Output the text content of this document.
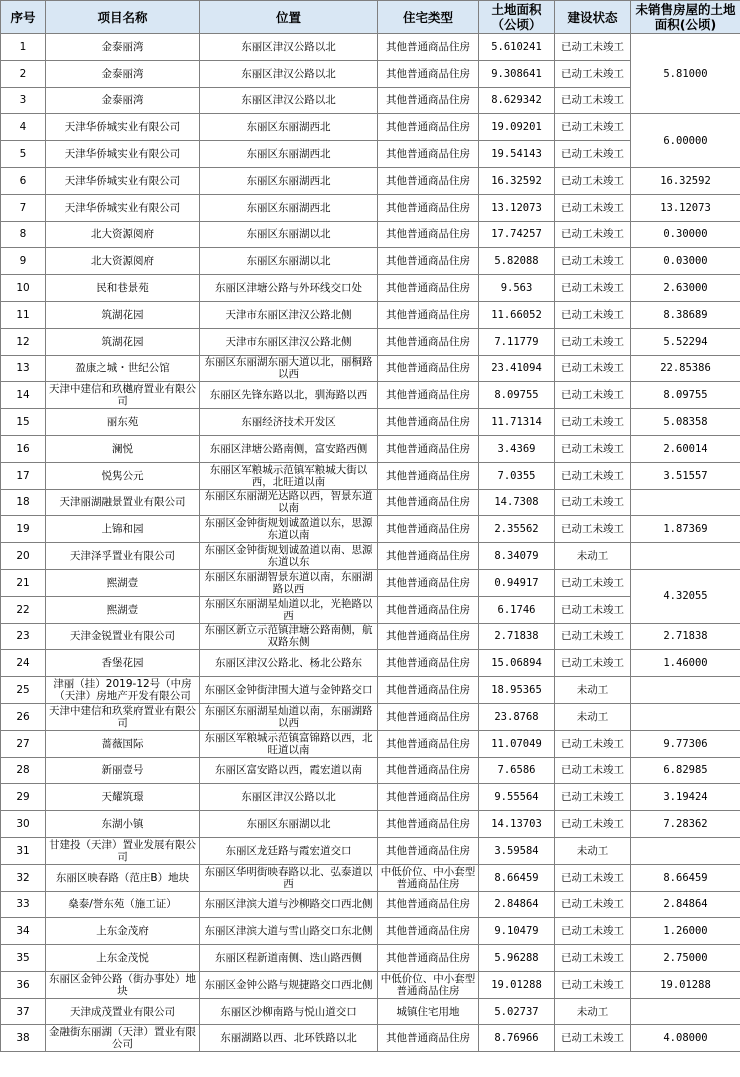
序号	项目名称	位置	住宅类型	土地面积（公顷）	建设状态	未销售房屋的土地面积(公顷)
1	金泰丽湾	东丽区津汉公路以北	其他普通商品住房	5.610241	已动工未竣工	5.81000
2	金泰丽湾	东丽区津汉公路以北	其他普通商品住房	9.308641	已动工未竣工	
3	金泰丽湾	东丽区津汉公路以北	其他普通商品住房	8.629342	已动工未竣工	
4	天津华侨城实业有限公司	东丽区东丽湖西北	其他普通商品住房	19.09201	已动工未竣工	6.00000
5	天津华侨城实业有限公司	东丽区东丽湖西北	其他普通商品住房	19.54143	已动工未竣工	
6	天津华侨城实业有限公司	东丽区东丽湖西北	其他普通商品住房	16.32592	已动工未竣工	16.32592
7	天津华侨城实业有限公司	东丽区东丽湖西北	其他普通商品住房	13.12073	已动工未竣工	13.12073
8	北大资源阅府	东丽区东丽湖以北	其他普通商品住房	17.74257	已动工未竣工	0.30000
9	北大资源阅府	东丽区东丽湖以北	其他普通商品住房	5.82088	已动工未竣工	0.03000
10	民和巷景苑	东丽区津塘公路与外环线交口处	其他普通商品住房	9.563	已动工未竣工	2.63000
11	筑湖花园	天津市东丽区津汉公路北侧	其他普通商品住房	11.66052	已动工未竣工	8.38689
12	筑湖花园	天津市东丽区津汉公路北侧	其他普通商品住房	7.11779	已动工未竣工	5.52294
13	盈康之城・世纪公馆	东丽区东丽湖东丽大道以北，丽桐路以西	其他普通商品住房	23.41094	已动工未竣工	22.85386
14	天津中建信和玖樾府置业有限公司	东丽区先锋东路以北，驯海路以西	其他普通商品住房	8.09755	已动工未竣工	8.09755
15	丽东苑	东丽经济技术开发区	其他普通商品住房	11.71314	已动工未竣工	5.08358
16	澜悦	东丽区津塘公路南侧，富安路西侧	其他普通商品住房	3.4369	已动工未竣工	2.60014
17	悦隽公元	东丽区军粮城示范镇军粮城大街以西，北旺道以南	其他普通商品住房	7.0355	已动工未竣工	3.51557
18	天津丽湖融景置业有限公司	东丽区东丽湖光达路以西，智景东道以南	其他普通商品住房	14.7308	已动工未竣工	
19	上锦和园	东丽区金钟街规划诚盈道以东，思源东道以南	其他普通商品住房	2.35562	已动工未竣工	1.87369
20	天津泽孚置业有限公司	东丽区金钟街规划诚盈道以南、思源东道以东	其他普通商品住房	8.34079	未动工	
21	熙湖壹	东丽区东丽湖智景东道以南，东丽湖路以西	其他普通商品住房	0.94917	已动工未竣工	4.32055
22	熙湖壹	东丽区东丽湖星灿道以北，光艳路以西	其他普通商品住房	6.1746	已动工未竣工	
23	天津金锐置业有限公司	东丽区新立示范镇津塘公路南侧，航双路东侧	其他普通商品住房	2.71838	已动工未竣工	2.71838
24	香堡花园	东丽区津汉公路北、杨北公路东	其他普通商品住房	15.06894	已动工未竣工	1.46000
25	津丽（挂）2019-12号（中房（天津）房地产开发有限公司	东丽区金钟街津围大道与金钟路交口	其他普通商品住房	18.95365	未动工	
26	天津中建信和玖棠府置业有限公司	东丽区东丽湖星灿道以南，东丽湖路以西	其他普通商品住房	23.8768	未动工	
27	蔷薇国际	东丽区军粮城示范镇富锦路以西，北旺道以南	其他普通商品住房	11.07049	已动工未竣工	9.77306
28	新丽壹号	东丽区富安路以西，霞宏道以南	其他普通商品住房	7.6586	已动工未竣工	6.82985
29	天耀筑璟	东丽区津汉公路以北	其他普通商品住房	9.55564	已动工未竣工	3.19424
30	东湖小镇	东丽区东丽湖以北	其他普通商品住房	14.13703	已动工未竣工	7.28362
31	甘建投（天津）置业发展有限公司	东丽区龙廷路与霞宏道交口	其他普通商品住房	3.59584	未动工	
32	东丽区映春路（范庄B）地块	东丽区华明街映春路以北、弘泰道以西	中低价位、中小套型普通商品住房	8.66459	已动工未竣工	8.66459
33	燊泰/誉东苑（施工证）	东丽区津滨大道与沙柳路交口西北侧	其他普通商品住房	2.84864	已动工未竣工	2.84864
34	上东金茂府	东丽区津滨大道与雪山路交口东北侧	其他普通商品住房	9.10479	已动工未竣工	1.26000
35	上东金茂悦	东丽区程新道南侧、迭山路西侧	其他普通商品住房	5.96288	已动工未竣工	2.75000
36	东丽区金钟公路（街办事处）地块	东丽区金钟公路与规捷路交口西北侧	中低价位、中小套型普通商品住房	19.01288	已动工未竣工	19.01288
37	天津成茂置业有限公司	东丽区沙柳南路与悦山道交口	城镇住宅用地	5.02737	未动工	
38	金融街东丽湖（天津）置业有限公司	东丽湖路以西、北环铁路以北	其他普通商品住房	8.76966	已动工未竣工	4.08000
